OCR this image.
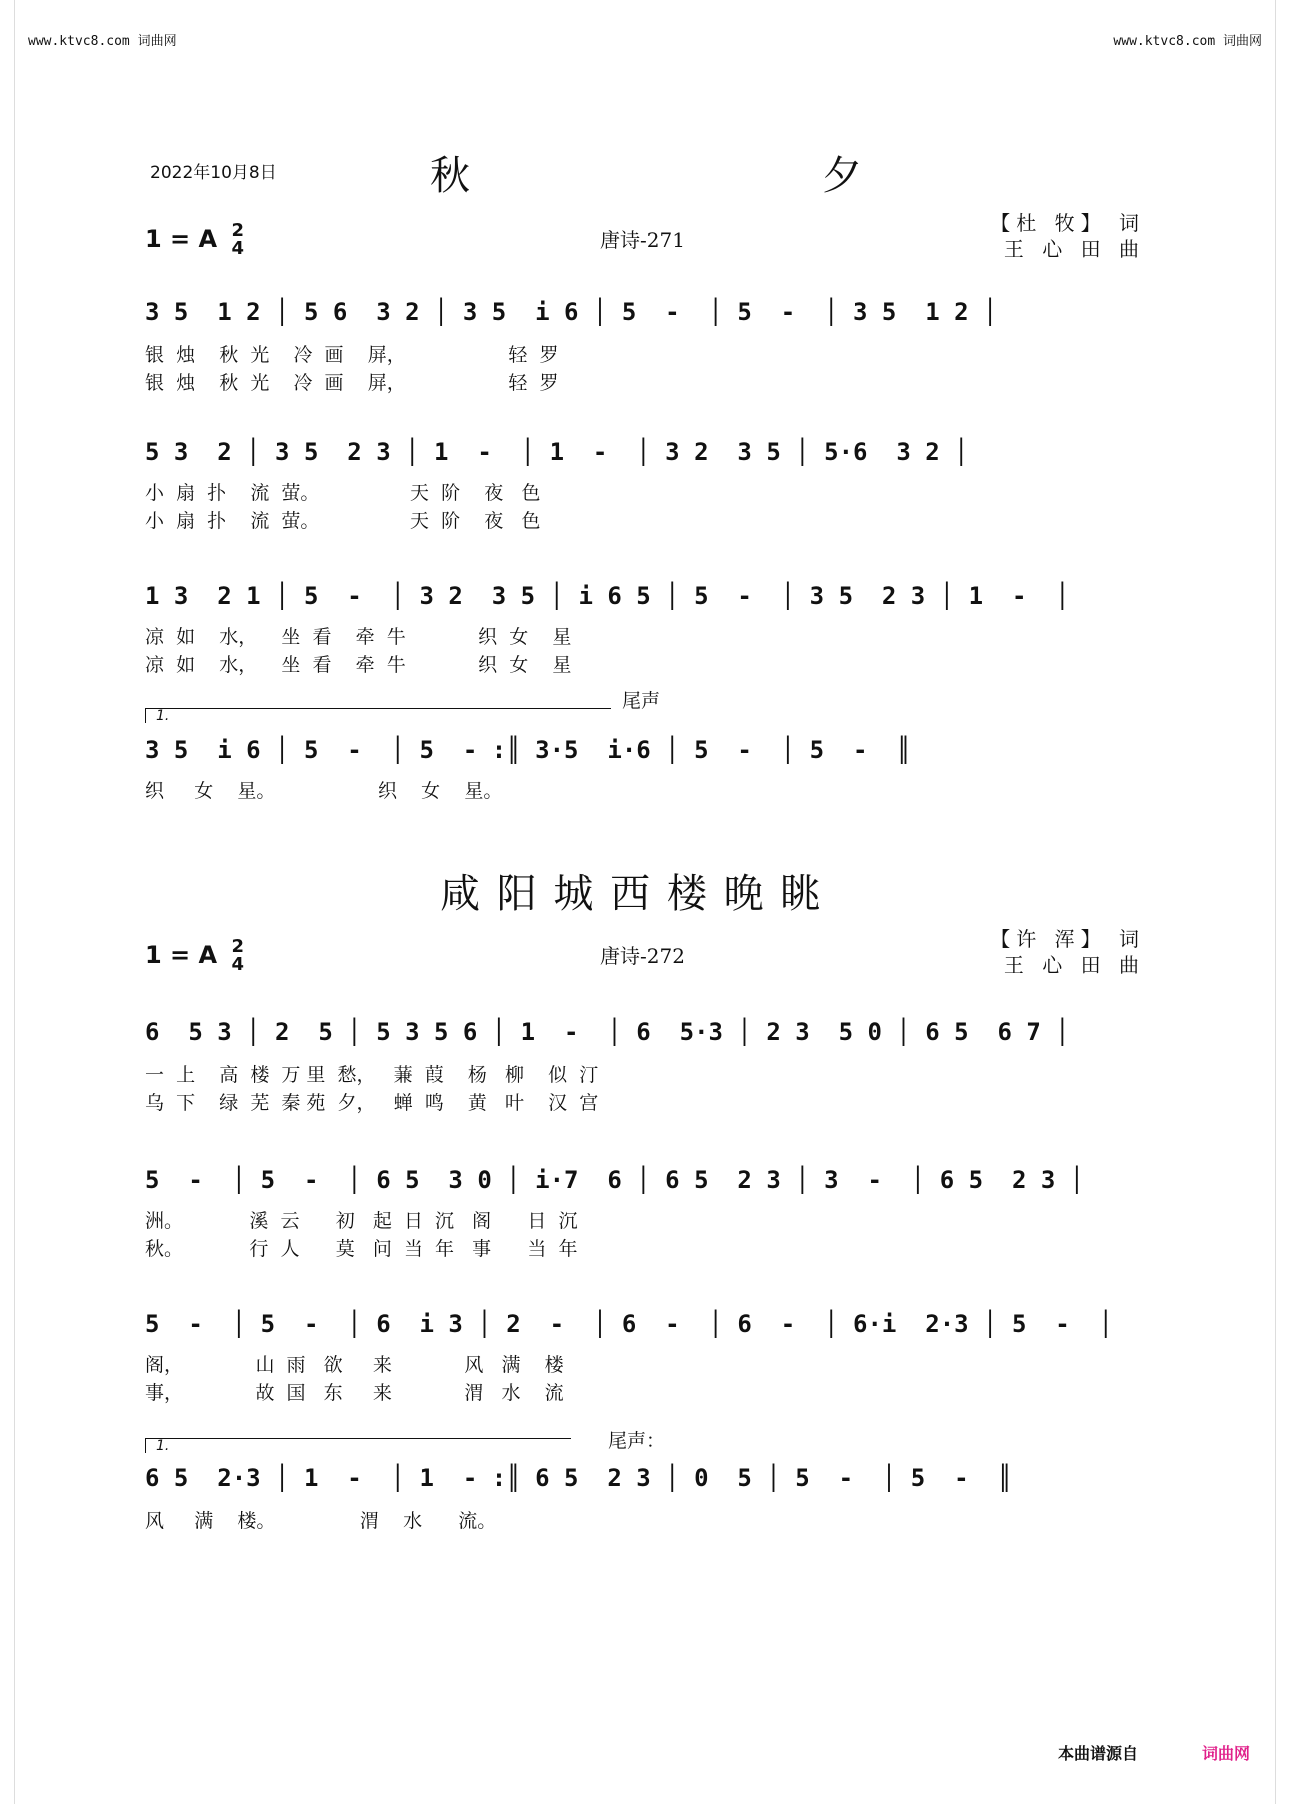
www.ktvc8.com 词曲网	www.ktvc8.com 词曲网
2022年10月8日	秋	夕
1 = A 2
4	唐诗-271
【杜 牧】 词
王 心 田 曲
3 5  1 2 │ 5 6  3 2 │ 3 5  i 6 │ 5  -  │ 5  -  │ 3 5  1 2 │
银  烛    秋  光    冷  画    屏，                 轻  罗
银  烛    秋  光    冷  画    屏，                 轻  罗
5 3  2 │ 3 5  2 3 │ 1  -  │ 1  -  │ 3 2  3 5 │ 5·6  3 2 │
小  扇  扑    流  萤。               天  阶    夜   色
小  扇  扑    流  萤。               天  阶    夜   色
1 3  2 1 │ 5  -  │ 3 2  3 5 │ i 6 5 │ 5  -  │ 3 5  2 3 │ 1  -  │
凉  如    水，    坐  看    牵  牛            织  女    星
凉  如    水，    坐  看    牵  牛            织  女    星
尾声
1.
3 5  i 6 │ 5  -  │ 5  - :║ 3·5  i·6 │ 5  -  │ 5  -  ║
织     女    星。                 织    女    星。
咸 阳 城 西 楼 晚 眺
1 = A 2
4	唐诗-272
【许 浑】 词
王 心 田 曲
6  5 3 │ 2  5 │ 5 3 5 6 │ 1  -  │ 6  5·3 │ 2 3  5 0 │ 6 5  6 7 │
一  上    高  楼  万 里  愁，   蒹  葭    杨   柳    似  汀
乌  下    绿  芜  秦 苑  夕，   蝉  鸣    黄   叶    汉  宫
5  -  │ 5  -  │ 6 5  3 0 │ i·7  6 │ 6 5  2 3 │ 3  -  │ 6 5  2 3 │
洲。           溪  云      初   起  日  沉   阁      日  沉
秋。           行  人      莫   问  当  年   事      当  年
5  -  │ 5  -  │ 6  i 3 │ 2  -  │ 6  -  │ 6  -  │ 6·i  2·3 │ 5  -  │
阁，            山  雨   欲     来            风   满    楼
事，            故  国   东     来            渭   水    流
尾声：
1.
6 5  2·3 │ 1  -  │ 1  - :║ 6 5  2 3 │ 0  5 │ 5  -  │ 5  -  ║
风     满    楼。              渭    水      流。
本曲谱源自	词曲网
